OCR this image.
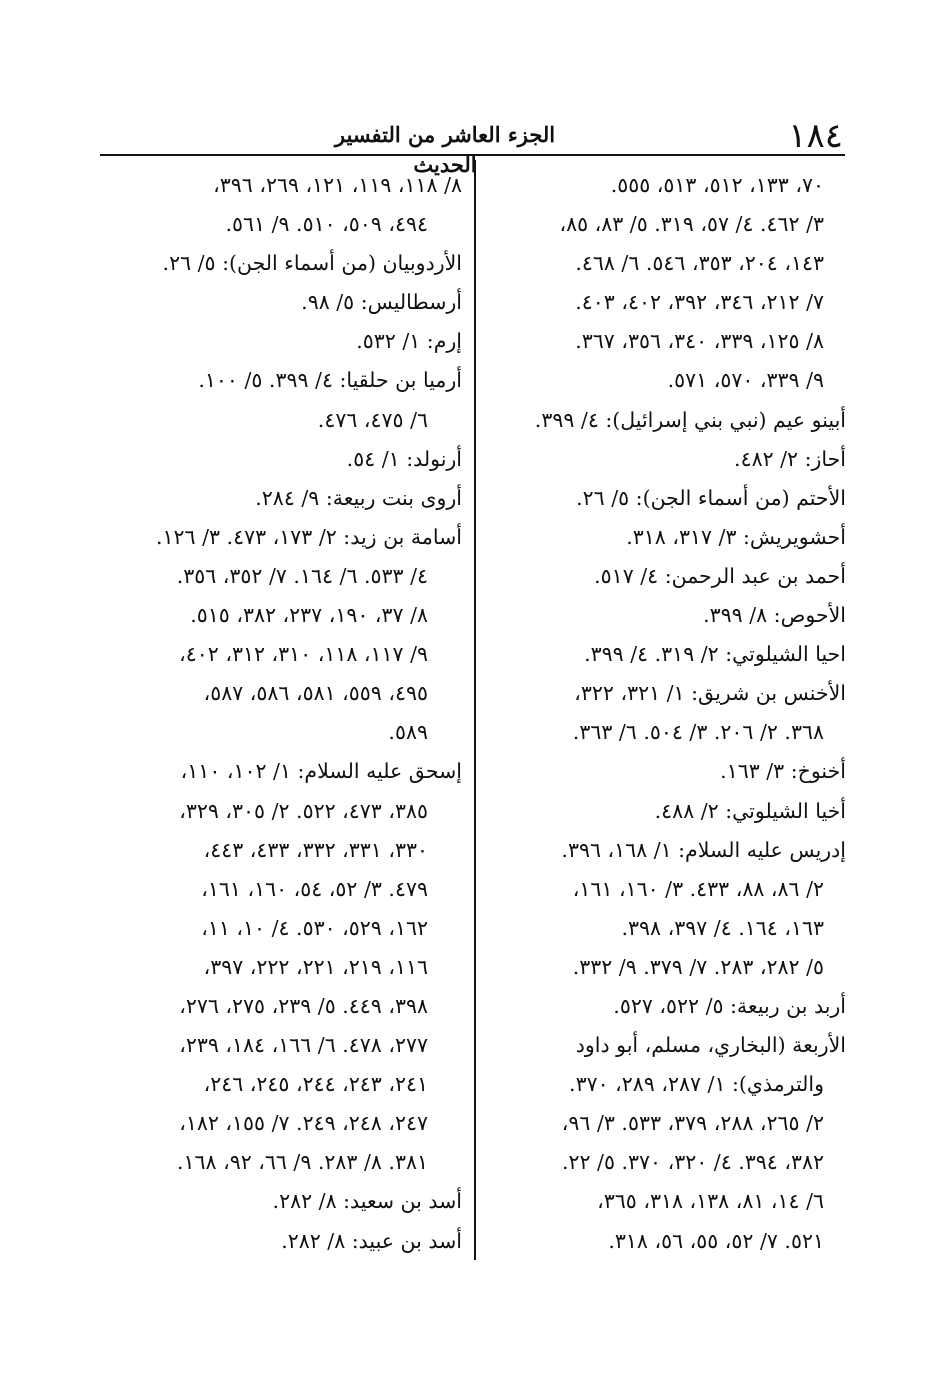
١٨٤
الجزء العاشر من التفسير الحديث
٧٠، ١٣٣، ٥١٢، ٥١٣، ٥٥٥.
٣/ ٤٦٢. ٤/ ٥٧، ٣١٩. ٥/ ٨٣، ٨٥،
١٤٣، ٢٠٤، ٣٥٣، ٥٤٦. ٦/ ٤٦٨.
٧/ ٢١٢، ٣٤٦، ٣٩٢، ٤٠٢، ٤٠٣.
٨/ ١٢٥، ٣٣٩، ٣٤٠، ٣٥٦، ٣٦٧.
٩/ ٣٣٩، ٥٧٠، ٥٧١.
أبينو عيم (نبي بني إسرائيل): ٤/ ٣٩٩.
أحاز: ٢/ ٤٨٢.
الأحتم (من أسماء الجن): ٥/ ٢٦.
أحشويريش: ٣/ ٣١٧، ٣١٨.
أحمد بن عبد الرحمن: ٤/ ٥١٧.
الأحوص: ٨/ ٣٩٩.
احيا الشيلوتي: ٢/ ٣١٩. ٤/ ٣٩٩.
الأخنس بن شريق: ١/ ٣٢١، ٣٢٢،
٣٦٨. ٢/ ٢٠٦. ٣/ ٥٠٤. ٦/ ٣٦٣.
أخنوخ: ٣/ ١٦٣.
أخيا الشيلوتي: ٢/ ٤٨٨.
إدريس عليه السلام: ١/ ١٦٨، ٣٩٦.
٢/ ٨٦، ٨٨، ٤٣٣. ٣/ ١٦٠، ١٦١،
١٦٣، ١٦٤. ٤/ ٣٩٧، ٣٩٨.
٥/ ٢٨٢، ٢٨٣. ٧/ ٣٧٩. ٩/ ٣٣٢.
أربد بن ربيعة: ٥/ ٥٢٢، ٥٢٧.
الأربعة (البخاري، مسلم، أبو داود
والترمذي): ١/ ٢٨٧، ٢٨٩، ٣٧٠.
٢/ ٢٦٥، ٢٨٨، ٣٧٩، ٥٣٣. ٣/ ٩٦،
٣٨٢، ٣٩٤. ٤/ ٣٢٠، ٣٧٠. ٥/ ٢٢.
٦/ ١٤، ٨١، ١٣٨، ٣١٨، ٣٦٥،
٥٢١. ٧/ ٥٢، ٥٥، ٥٦، ٣١٨.
٨/ ١١٨، ١١٩، ١٢١، ٢٦٩، ٣٩٦،
٤٩٤، ٥٠٩، ٥١٠. ٩/ ٥٦١.
الأردوبيان (من أسماء الجن): ٥/ ٢٦.
أرسطاليس: ٥/ ٩٨.
إرم: ١/ ٥٣٢.
أرميا بن حلقيا: ٤/ ٣٩٩. ٥/ ١٠٠.
٦/ ٤٧٥، ٤٧٦.
أرنولد: ١/ ٥٤.
أروى بنت ربيعة: ٩/ ٢٨٤.
أسامة بن زيد: ٢/ ١٧٣، ٤٧٣. ٣/ ١٢٦.
٤/ ٥٣٣. ٦/ ١٦٤. ٧/ ٣٥٢، ٣٥٦.
٨/ ٣٧، ١٩٠، ٢٣٧، ٣٨٢، ٥١٥.
٩/ ١١٧، ١١٨، ٣١٠، ٣١٢، ٤٠٢،
٤٩٥، ٥٥٩، ٥٨١، ٥٨٦، ٥٨٧،
٥٨٩.
إسحق عليه السلام: ١/ ١٠٢، ١١٠،
٣٨٥، ٤٧٣، ٥٢٢. ٢/ ٣٠٥، ٣٢٩،
٣٣٠، ٣٣١، ٣٣٢، ٤٣٣، ٤٤٣،
٤٧٩. ٣/ ٥٢، ٥٤، ١٦٠، ١٦١،
١٦٢، ٥٢٩، ٥٣٠. ٤/ ١٠، ١١،
١١٦، ٢١٩، ٢٢١، ٢٢٢، ٣٩٧،
٣٩٨، ٤٤٩. ٥/ ٢٣٩، ٢٧٥، ٢٧٦،
٢٧٧، ٤٧٨. ٦/ ١٦٦، ١٨٤، ٢٣٩،
٢٤١، ٢٤٣، ٢٤٤، ٢٤٥، ٢٤٦،
٢٤٧، ٢٤٨، ٢٤٩. ٧/ ١٥٥، ١٨٢،
٣٨١. ٨/ ٢٨٣. ٩/ ٦٦، ٩٢، ١٦٨.
أسد بن سعيد: ٨/ ٢٨٢.
أسد بن عبيد: ٨/ ٢٨٢.
